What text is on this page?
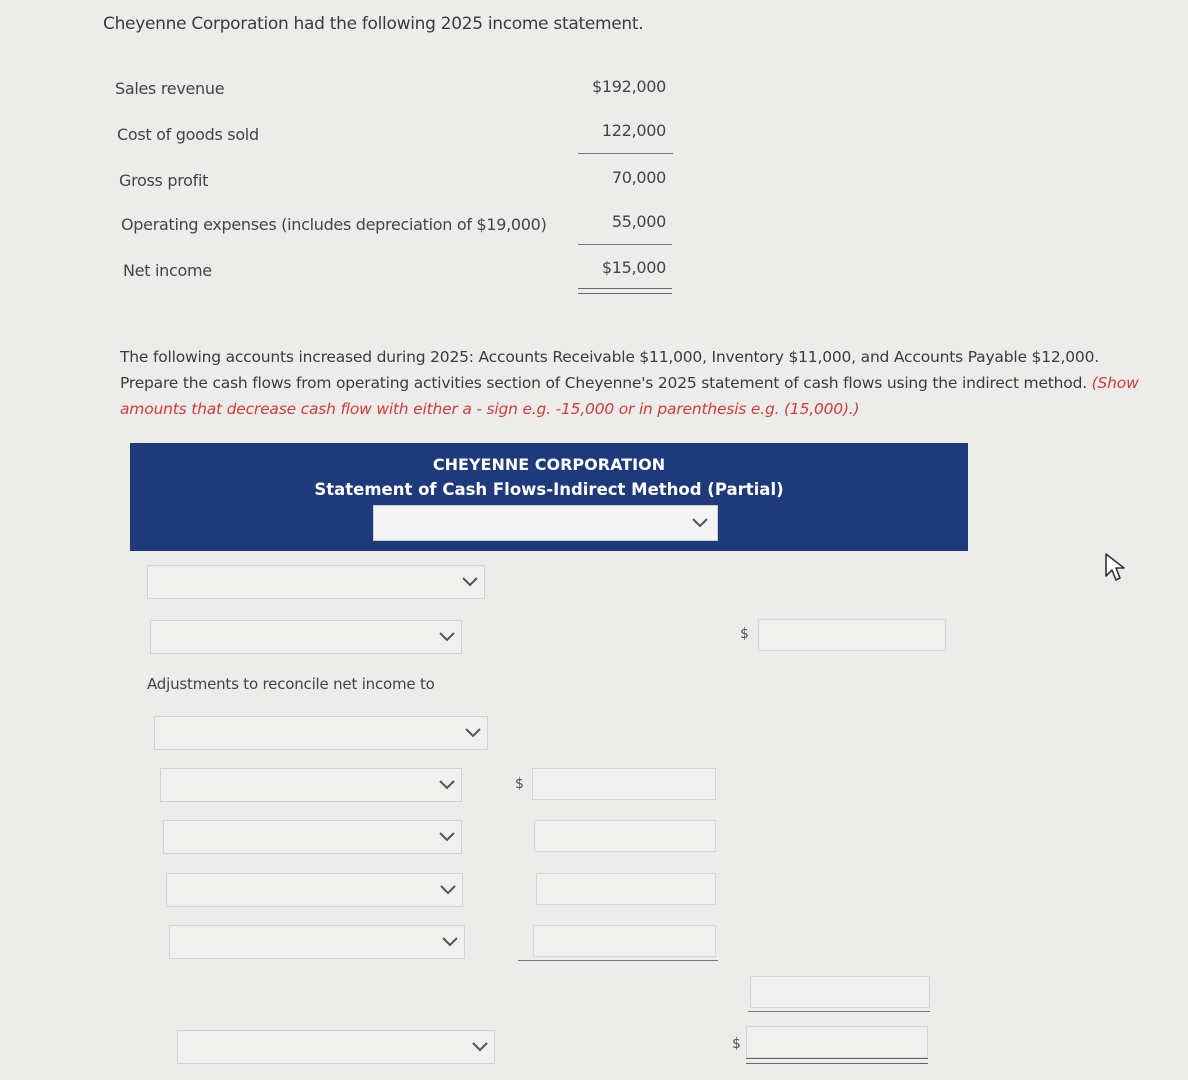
Cheyenne Corporation had the following 2025 income statement.
Sales revenue	$192,000
Cost of goods sold	122,000
Gross profit	70,000
Operating expenses (includes depreciation of $19,000)	55,000
Net income	$15,000
The following accounts increased during 2025: Accounts Receivable $11,000, Inventory $11,000, and Accounts Payable $12,000.
Prepare the cash flows from operating activities section of Cheyenne's 2025 statement of cash flows using the indirect method. (Show
amounts that decrease cash flow with either a - sign e.g. -15,000 or in parenthesis e.g. (15,000).)
CHEYENNE CORPORATION
Statement of Cash Flows-Indirect Method (Partial)
$
Adjustments to reconcile net income to
$
$
